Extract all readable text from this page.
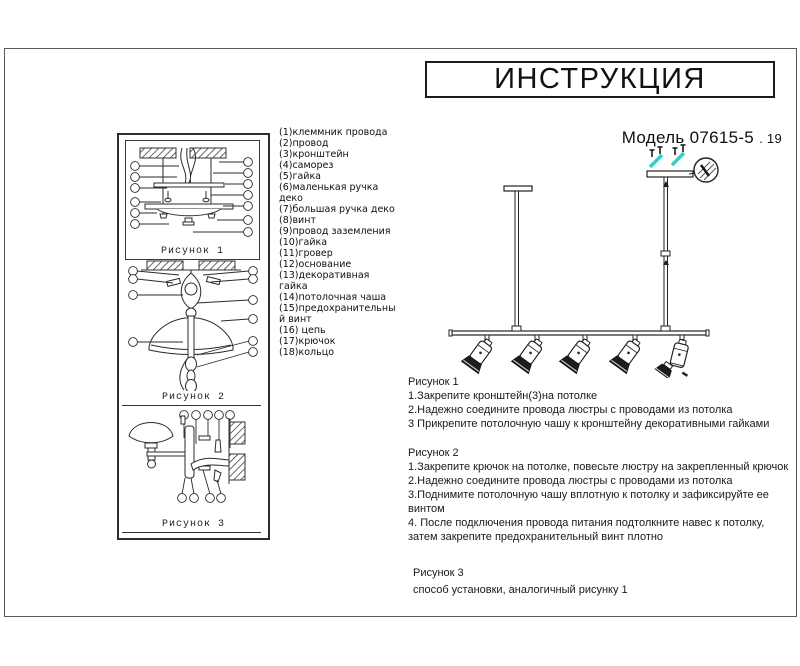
ИНСТРУКЦИЯ
Модель 07615-5 . 19
Рисунок 1
Рисунок 2
Рисунок 3
(1)клеммник провода
(2)провод
(3)кронштейн
(4)саморез
(5)гайка
(6)маленькая ручка
деко
(7)большая ручка деко
(8)винт
(9)провод заземления
(10)гайка
(11)гровер
(12)основание
(13)декоративная
гайка
(14)потолочная чаша
(15)предохранительны
й винт
(16) цепь
(17)крючок
(18)кольцо
Рисунок 1
1.Закрепите кронштейн(3)на потолке
2.Надежно соедините провода люстры с проводами из потолка
3 Прикрепите потолочную чашу к кронштейну декоративными гайками
Рисунок 2
1.Закрепите крючок на потолке, повесьте люстру на закрепленный крючок
2.Надежно соедините провода люстры с проводами из потолка
3.Поднимите потолочную чашу вплотную к потолку и зафиксируйте ее
винтом
4. После подключения провода питания подтолкните навес к потолку,
затем закрепите предохранительный винт плотно
Рисунок 3
способ установки, аналогичный рисунку 1
